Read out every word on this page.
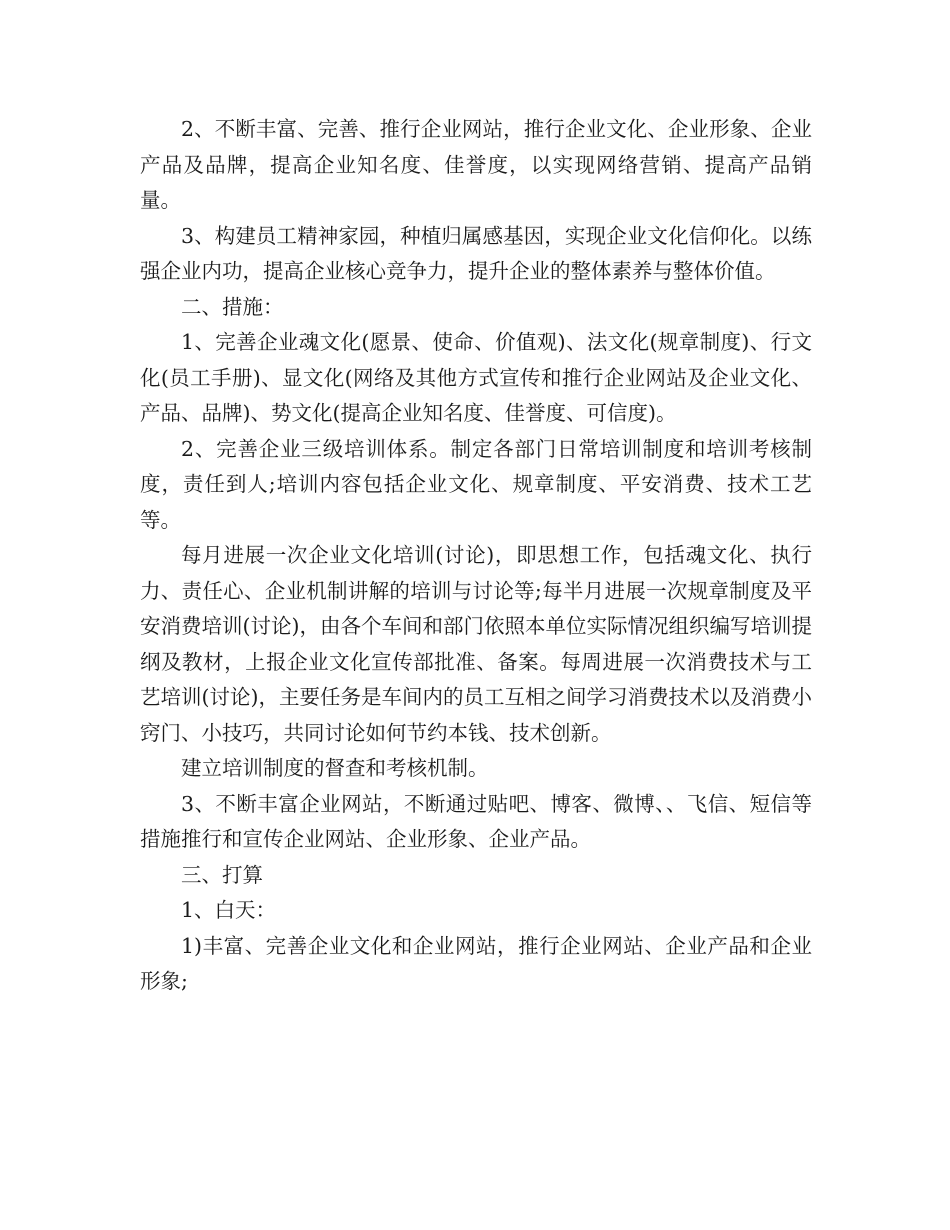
2、不断丰富、完善、推行企业网站，推行企业文化、企业形象、企业产品及品牌，提高企业知名度、佳誉度，以实现网络营销、提高产品销量。

3、构建员工精神家园，种植归属感基因，实现企业文化信仰化。以练强企业内功，提高企业核心竞争力，提升企业的整体素养与整体价值。

二、措施：

1、完善企业魂文化(愿景、使命、价值观)、法文化(规章制度)、行文化(员工手册)、显文化(网络及其他方式宣传和推行企业网站及企业文化、产品、品牌)、势文化(提高企业知名度、佳誉度、可信度)。

2、完善企业三级培训体系。制定各部门日常培训制度和培训考核制度，责任到人;培训内容包括企业文化、规章制度、平安消费、技术工艺等。

每月进展一次企业文化培训(讨论)，即思想工作，包括魂文化、执行力、责任心、企业机制讲解的培训与讨论等;每半月进展一次规章制度及平安消费培训(讨论)，由各个车间和部门依照本单位实际情况组织编写培训提纲及教材，上报企业文化宣传部批准、备案。每周进展一次消费技术与工艺培训(讨论)，主要任务是车间内的员工互相之间学习消费技术以及消费小窍门、小技巧，共同讨论如何节约本钱、技术创新。

建立培训制度的督查和考核机制。

3、不断丰富企业网站，不断通过贴吧、博客、微博、、飞信、短信等措施推行和宣传企业网站、企业形象、企业产品。

三、打算

1、白天：

1)丰富、完善企业文化和企业网站，推行企业网站、企业产品和企业形象;
